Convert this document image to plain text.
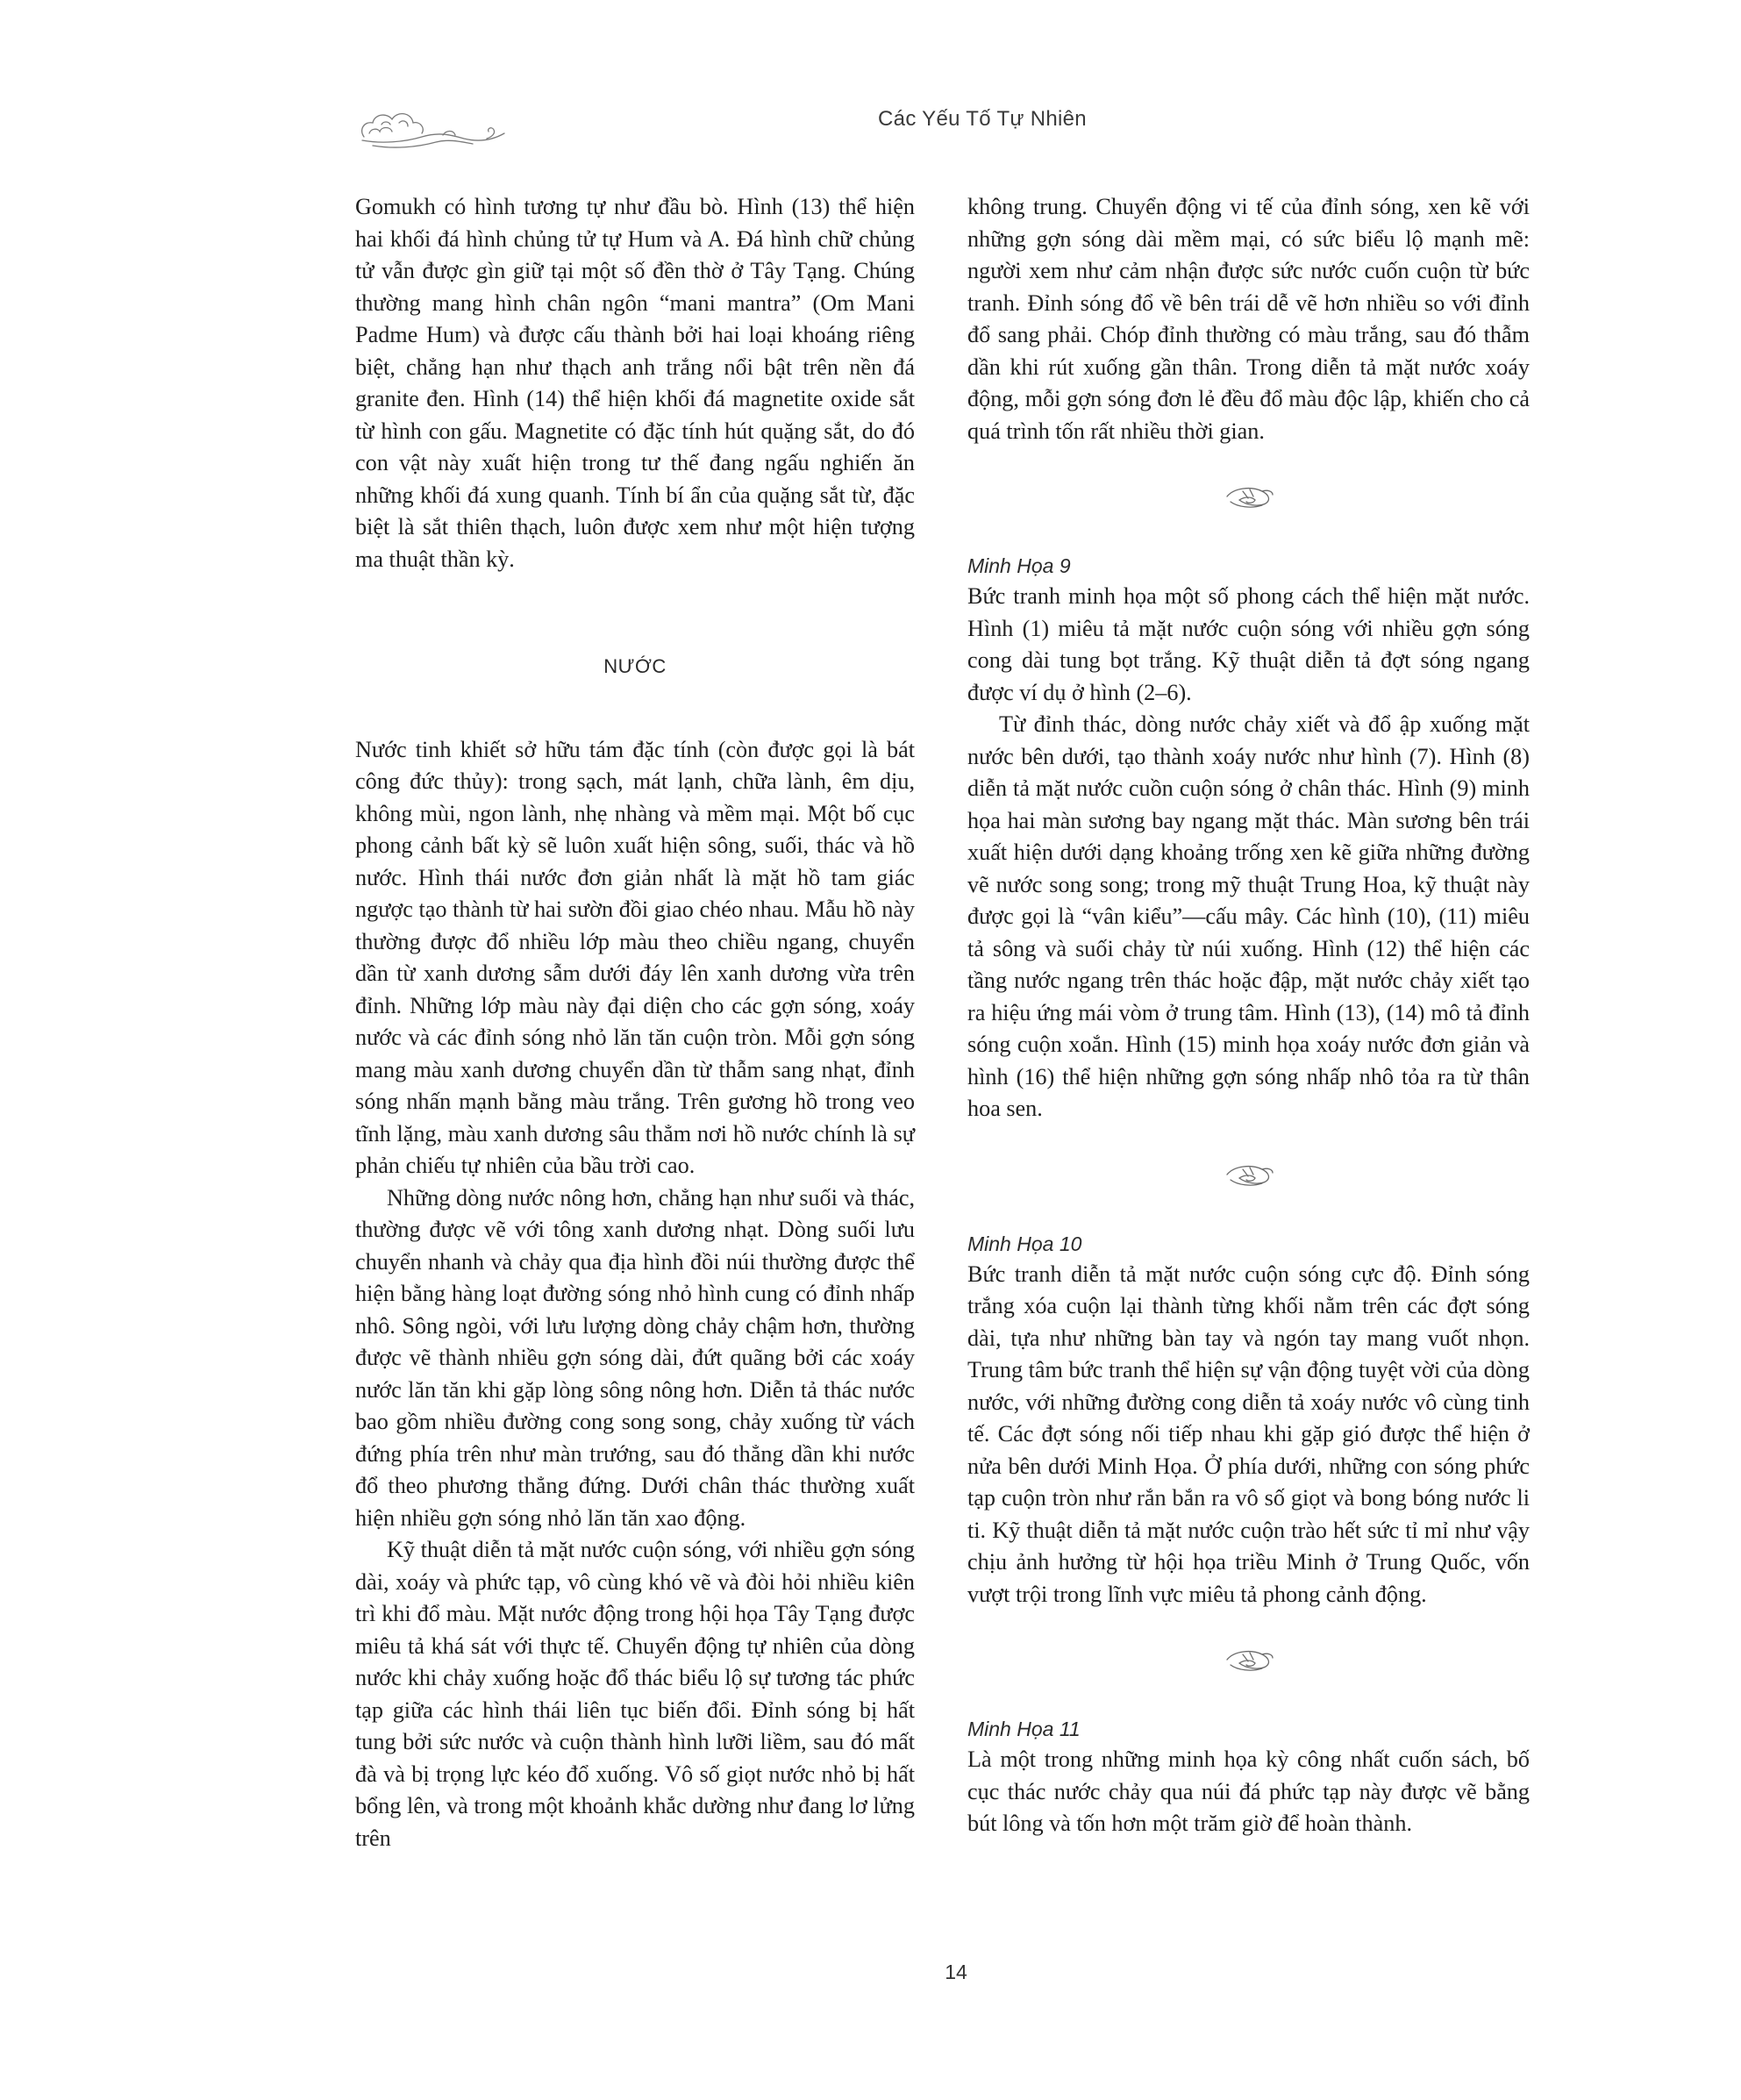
Các Yếu Tố Tự Nhiên

Gomukh có hình tương tự như đầu bò. Hình (13) thể hiện hai khối đá hình chủng tử tự Hum và A. Đá hình chữ chủng tử vẫn được gìn giữ tại một số đền thờ ở Tây Tạng. Chúng thường mang hình chân ngôn “mani mantra” (Om Mani Padme Hum) và được cấu thành bởi hai loại khoáng riêng biệt, chẳng hạn như thạch anh trắng nổi bật trên nền đá granite đen. Hình (14) thể hiện khối đá magnetite oxide sắt từ hình con gấu. Magnetite có đặc tính hút quặng sắt, do đó con vật này xuất hiện trong tư thế đang ngấu nghiến ăn những khối đá xung quanh. Tính bí ẩn của quặng sắt từ, đặc biệt là sắt thiên thạch, luôn được xem như một hiện tượng ma thuật thần kỳ.

NƯỚC

Nước tinh khiết sở hữu tám đặc tính (còn được gọi là bát công đức thủy): trong sạch, mát lạnh, chữa lành, êm dịu, không mùi, ngon lành, nhẹ nhàng và mềm mại. Một bố cục phong cảnh bất kỳ sẽ luôn xuất hiện sông, suối, thác và hồ nước. Hình thái nước đơn giản nhất là mặt hồ tam giác ngược tạo thành từ hai sườn đồi giao chéo nhau. Mẫu hồ này thường được đổ nhiều lớp màu theo chiều ngang, chuyển dần từ xanh dương sẫm dưới đáy lên xanh dương vừa trên đỉnh. Những lớp màu này đại diện cho các gợn sóng, xoáy nước và các đỉnh sóng nhỏ lăn tăn cuộn tròn. Mỗi gợn sóng mang màu xanh dương chuyển dần từ thẫm sang nhạt, đỉnh sóng nhấn mạnh bằng màu trắng. Trên gương hồ trong veo tĩnh lặng, màu xanh dương sâu thẳm nơi hồ nước chính là sự phản chiếu tự nhiên của bầu trời cao.

Những dòng nước nông hơn, chẳng hạn như suối và thác, thường được vẽ với tông xanh dương nhạt. Dòng suối lưu chuyển nhanh và chảy qua địa hình đồi núi thường được thể hiện bằng hàng loạt đường sóng nhỏ hình cung có đỉnh nhấp nhô. Sông ngòi, với lưu lượng dòng chảy chậm hơn, thường được vẽ thành nhiều gợn sóng dài, đứt quãng bởi các xoáy nước lăn tăn khi gặp lòng sông nông hơn. Diễn tả thác nước bao gồm nhiều đường cong song song, chảy xuống từ vách đứng phía trên như màn trướng, sau đó thẳng dần khi nước đổ theo phương thẳng đứng. Dưới chân thác thường xuất hiện nhiều gợn sóng nhỏ lăn tăn xao động.

Kỹ thuật diễn tả mặt nước cuộn sóng, với nhiều gợn sóng dài, xoáy và phức tạp, vô cùng khó vẽ và đòi hỏi nhiều kiên trì khi đổ màu. Mặt nước động trong hội họa Tây Tạng được miêu tả khá sát với thực tế. Chuyển động tự nhiên của dòng nước khi chảy xuống hoặc đổ thác biểu lộ sự tương tác phức tạp giữa các hình thái liên tục biến đổi. Đỉnh sóng bị hất tung bởi sức nước và cuộn thành hình lưỡi liềm, sau đó mất đà và bị trọng lực kéo đổ xuống. Vô số giọt nước nhỏ bị hất bổng lên, và trong một khoảnh khắc dường như đang lơ lửng trên

không trung. Chuyển động vi tế của đỉnh sóng, xen kẽ với những gợn sóng dài mềm mại, có sức biểu lộ mạnh mẽ: người xem như cảm nhận được sức nước cuốn cuộn từ bức tranh. Đỉnh sóng đổ về bên trái dễ vẽ hơn nhiều so với đỉnh đổ sang phải. Chóp đỉnh thường có màu trắng, sau đó thẫm dần khi rút xuống gần thân. Trong diễn tả mặt nước xoáy động, mỗi gợn sóng đơn lẻ đều đổ màu độc lập, khiến cho cả quá trình tốn rất nhiều thời gian.

Minh Họa 9

Bức tranh minh họa một số phong cách thể hiện mặt nước. Hình (1) miêu tả mặt nước cuộn sóng với nhiều gợn sóng cong dài tung bọt trắng. Kỹ thuật diễn tả đợt sóng ngang được ví dụ ở hình (2–6).

Từ đỉnh thác, dòng nước chảy xiết và đổ ập xuống mặt nước bên dưới, tạo thành xoáy nước như hình (7). Hình (8) diễn tả mặt nước cuồn cuộn sóng ở chân thác. Hình (9) minh họa hai màn sương bay ngang mặt thác. Màn sương bên trái xuất hiện dưới dạng khoảng trống xen kẽ giữa những đường vẽ nước song song; trong mỹ thuật Trung Hoa, kỹ thuật này được gọi là “vân kiểu”—cấu mây. Các hình (10), (11) miêu tả sông và suối chảy từ núi xuống. Hình (12) thể hiện các tầng nước ngang trên thác hoặc đập, mặt nước chảy xiết tạo ra hiệu ứng mái vòm ở trung tâm. Hình (13), (14) mô tả đỉnh sóng cuộn xoắn. Hình (15) minh họa xoáy nước đơn giản và hình (16) thể hiện những gợn sóng nhấp nhô tỏa ra từ thân hoa sen.

Minh Họa 10

Bức tranh diễn tả mặt nước cuộn sóng cực độ. Đỉnh sóng trắng xóa cuộn lại thành từng khối nằm trên các đợt sóng dài, tựa như những bàn tay và ngón tay mang vuốt nhọn. Trung tâm bức tranh thể hiện sự vận động tuyệt vời của dòng nước, với những đường cong diễn tả xoáy nước vô cùng tinh tế. Các đợt sóng nối tiếp nhau khi gặp gió được thể hiện ở nửa bên dưới Minh Họa. Ở phía dưới, những con sóng phức tạp cuộn tròn như rắn bắn ra vô số giọt và bong bóng nước li ti. Kỹ thuật diễn tả mặt nước cuộn trào hết sức tỉ mỉ như vậy chịu ảnh hưởng từ hội họa triều Minh ở Trung Quốc, vốn vượt trội trong lĩnh vực miêu tả phong cảnh động.

Minh Họa 11

Là một trong những minh họa kỳ công nhất cuốn sách, bố cục thác nước chảy qua núi đá phức tạp này được vẽ bằng bút lông và tốn hơn một trăm giờ để hoàn thành.

14
